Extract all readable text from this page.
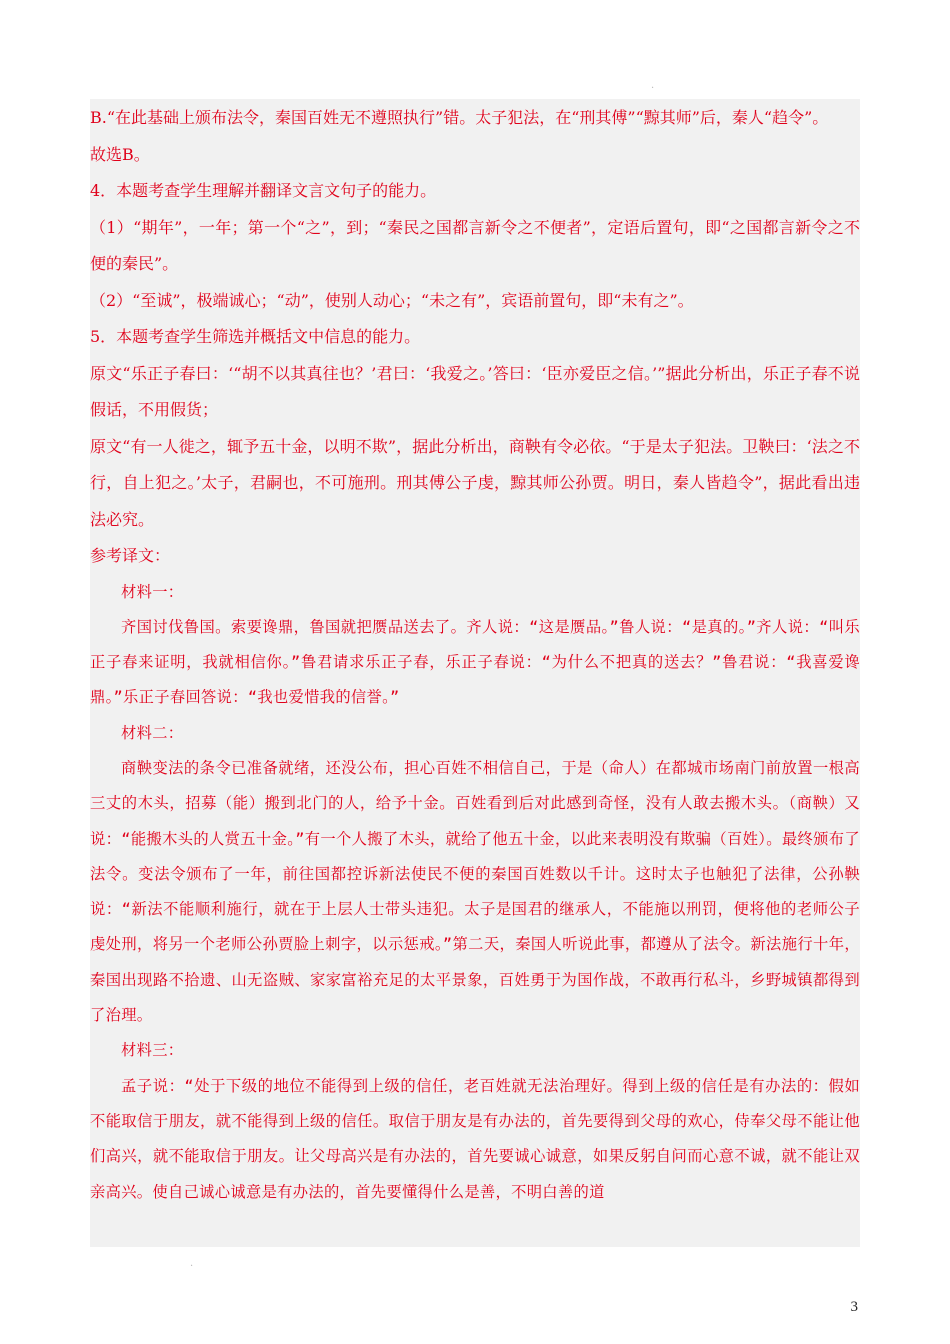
·
·

B.“在此基础上颁布法令，秦国百姓无不遵照执行”错。太子犯法，在“刑其傅”“黥其师”后，秦人“趋令”。

故选B。

4．本题考查学生理解并翻译文言文句子的能力。

（1）“期年”，一年；第一个“之”，到；“秦民之国都言新令之不便者”，定语后置句，即“之国都言新令之不便的秦民”。

（2）“至诚”，极端诚心；“动”，使别人动心；“未之有”，宾语前置句，即“未有之”。

5．本题考查学生筛选并概括文中信息的能力。

原文“乐正子春曰：‘“胡不以其真往也？’君曰：‘我爱之。’答曰：‘臣亦爱臣之信。’”据此分析出，乐正子春不说假话，不用假货；

原文“有一人徙之，辄予五十金，以明不欺”，据此分析出，商鞅有令必依。“于是太子犯法。卫鞅曰：‘法之不行，自上犯之。’太子，君嗣也，不可施刑。刑其傅公子虔，黥其师公孙贾。明日，秦人皆趋令”，据此看出违法必究。

参考译文：

材料一：

齐国讨伐鲁国。索要谗鼎，鲁国就把赝品送去了。齐人说：“这是赝品。”鲁人说：“是真的。”齐人说：“叫乐正子春来证明，我就相信你。”鲁君请求乐正子春，乐正子春说：“为什么不把真的送去？”鲁君说：“我喜爱谗鼎。”乐正子春回答说：“我也爱惜我的信誉。”

材料二：

商鞅变法的条令已准备就绪，还没公布，担心百姓不相信自己，于是（命人）在都城市场南门前放置一根高三丈的木头，招募（能）搬到北门的人，给予十金。百姓看到后对此感到奇怪，没有人敢去搬木头。（商鞅）又说：“能搬木头的人赏五十金。”有一个人搬了木头，就给了他五十金，以此来表明没有欺骗（百姓）。最终颁布了法令。变法令颁布了一年，前往国都控诉新法使民不便的秦国百姓数以千计。这时太子也触犯了法律，公孙鞅说：“新法不能顺利施行，就在于上层人士带头违犯。太子是国君的继承人，不能施以刑罚，便将他的老师公子虔处刑，将另一个老师公孙贾脸上刺字，以示惩戒。”第二天，秦国人听说此事，都遵从了法令。新法施行十年，秦国出现路不拾遗、山无盗贼、家家富裕充足的太平景象，百姓勇于为国作战，不敢再行私斗，乡野城镇都得到了治理。

材料三：

孟子说：“处于下级的地位不能得到上级的信任，老百姓就无法治理好。得到上级的信任是有办法的：假如不能取信于朋友，就不能得到上级的信任。取信于朋友是有办法的，首先要得到父母的欢心，侍奉父母不能让他们高兴，就不能取信于朋友。让父母高兴是有办法的，首先要诚心诚意，如果反躬自问而心意不诚，就不能让双亲高兴。使自己诚心诚意是有办法的，首先要懂得什么是善，不明白善的道

3
